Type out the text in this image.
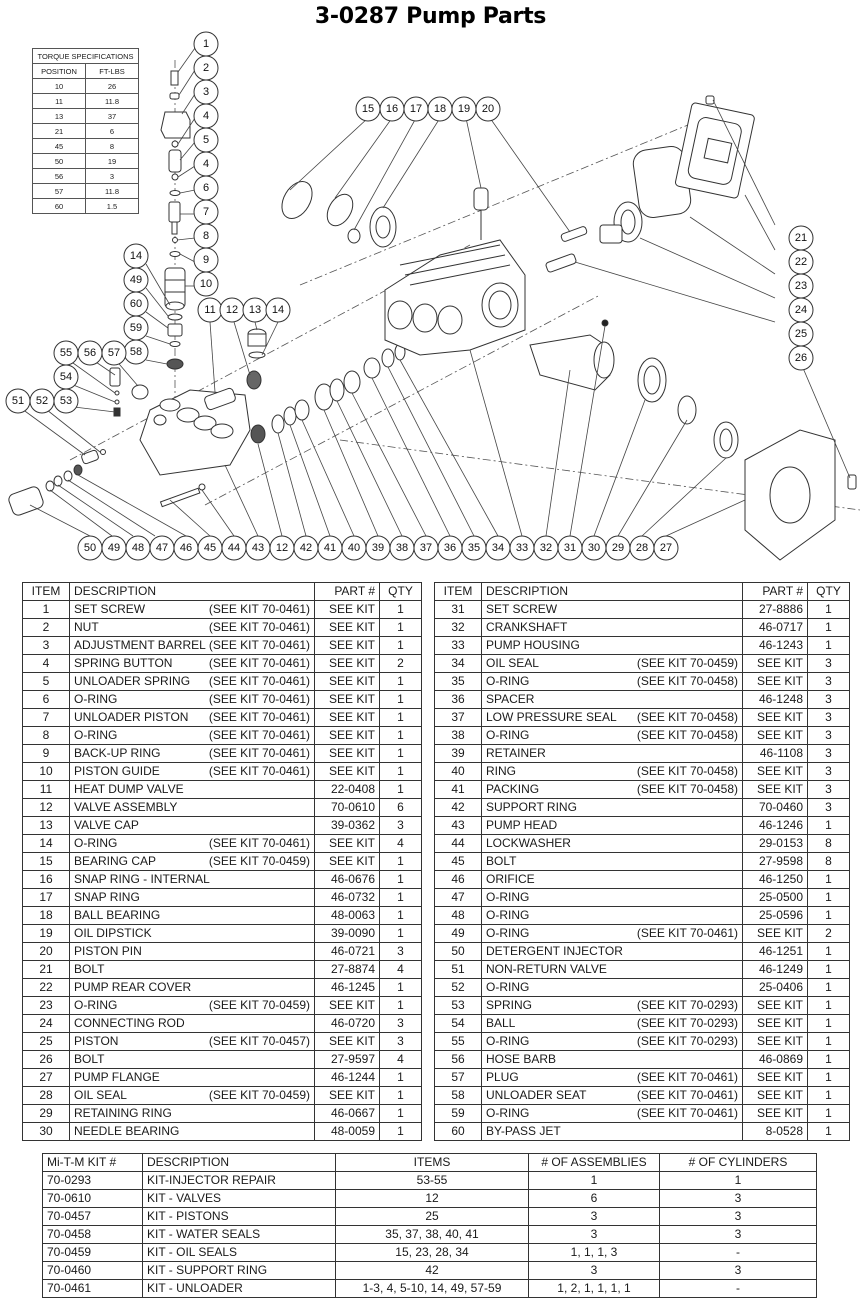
3-0287 Pump Parts
1
2
3
4
5
4
6
7
8
9
10
14
49
60
59
58
11 12 13 14
55 56 57
54
51 52 53
15 16 17 18 19 20
21
22
23
24
25
26
50 49 48 47 46 45 44 43 12 42 41 40 39 38 37 36 35 34 33 32 31 30 29 28 27
TORQUE SPECIFICATIONS	
POSITION	FT-LBS
10	26
11	11.8
13	37
21	6
45	8
50	19
56	3
57	11.8
60	1.5
ITEM	DESCRIPTION	PART #	QTY
1	SET SCREW (SEE KIT 70-0461)	SEE KIT	1
2	NUT (SEE KIT 70-0461)	SEE KIT	1
3	ADJUSTMENT BARREL (SEE KIT 70-0461)	SEE KIT	1
4	SPRING BUTTON (SEE KIT 70-0461)	SEE KIT	2
5	UNLOADER SPRING (SEE KIT 70-0461)	SEE KIT	1
6	O-RING (SEE KIT 70-0461)	SEE KIT	1
7	UNLOADER PISTON (SEE KIT 70-0461)	SEE KIT	1
8	O-RING (SEE KIT 70-0461)	SEE KIT	1
9	BACK-UP RING (SEE KIT 70-0461)	SEE KIT	1
10	PISTON GUIDE (SEE KIT 70-0461)	SEE KIT	1
11	HEAT DUMP VALVE	22-0408	1
12	VALVE ASSEMBLY	70-0610	6
13	VALVE CAP	39-0362	3
14	O-RING (SEE KIT 70-0461)	SEE KIT	4
15	BEARING CAP (SEE KIT 70-0459)	SEE KIT	1
16	SNAP RING - INTERNAL	46-0676	1
17	SNAP RING	46-0732	1
18	BALL BEARING	48-0063	1
19	OIL DIPSTICK	39-0090	1
20	PISTON PIN	46-0721	3
21	BOLT	27-8874	4
22	PUMP REAR COVER	46-1245	1
23	O-RING (SEE KIT 70-0459)	SEE KIT	1
24	CONNECTING ROD	46-0720	3
25	PISTON (SEE KIT 70-0457)	SEE KIT	3
26	BOLT	27-9597	4
27	PUMP FLANGE	46-1244	1
28	OIL SEAL (SEE KIT 70-0459)	SEE KIT	1
29	RETAINING RING	46-0667	1
30	NEEDLE BEARING	48-0059	1
ITEM	DESCRIPTION	PART #	QTY
31	SET SCREW	27-8886	1
32	CRANKSHAFT	46-0717	1
33	PUMP HOUSING	46-1243	1
34	OIL SEAL (SEE KIT 70-0459)	SEE KIT	3
35	O-RING (SEE KIT 70-0458)	SEE KIT	3
36	SPACER	46-1248	3
37	LOW PRESSURE SEAL (SEE KIT 70-0458)	SEE KIT	3
38	O-RING (SEE KIT 70-0458)	SEE KIT	3
39	RETAINER	46-1108	3
40	RING (SEE KIT 70-0458)	SEE KIT	3
41	PACKING (SEE KIT 70-0458)	SEE KIT	3
42	SUPPORT RING	70-0460	3
43	PUMP HEAD	46-1246	1
44	LOCKWASHER	29-0153	8
45	BOLT	27-9598	8
46	ORIFICE	46-1250	1
47	O-RING	25-0500	1
48	O-RING	25-0596	1
49	O-RING (SEE KIT 70-0461)	SEE KIT	2
50	DETERGENT INJECTOR	46-1251	1
51	NON-RETURN VALVE	46-1249	1
52	O-RING	25-0406	1
53	SPRING (SEE KIT 70-0293)	SEE KIT	1
54	BALL (SEE KIT 70-0293)	SEE KIT	1
55	O-RING (SEE KIT 70-0293)	SEE KIT	1
56	HOSE BARB	46-0869	1
57	PLUG (SEE KIT 70-0461)	SEE KIT	1
58	UNLOADER SEAT (SEE KIT 70-0461)	SEE KIT	1
59	O-RING (SEE KIT 70-0461)	SEE KIT	1
60	BY-PASS JET	8-0528	1
Mi-T-M KIT #	DESCRIPTION	ITEMS	# OF ASSEMBLIES	# OF CYLINDERS
70-0293	KIT-INJECTOR REPAIR	53-55	1	1
70-0610	KIT - VALVES	12	6	3
70-0457	KIT - PISTONS	25	3	3
70-0458	KIT - WATER SEALS	35, 37, 38, 40, 41	3	3
70-0459	KIT - OIL SEALS	15, 23, 28, 34	1, 1, 1, 3	-
70-0460	KIT - SUPPORT RING	42	3	3
70-0461	KIT - UNLOADER	1-3, 4, 5-10, 14, 49, 57-59	1, 2, 1, 1, 1, 1	-
